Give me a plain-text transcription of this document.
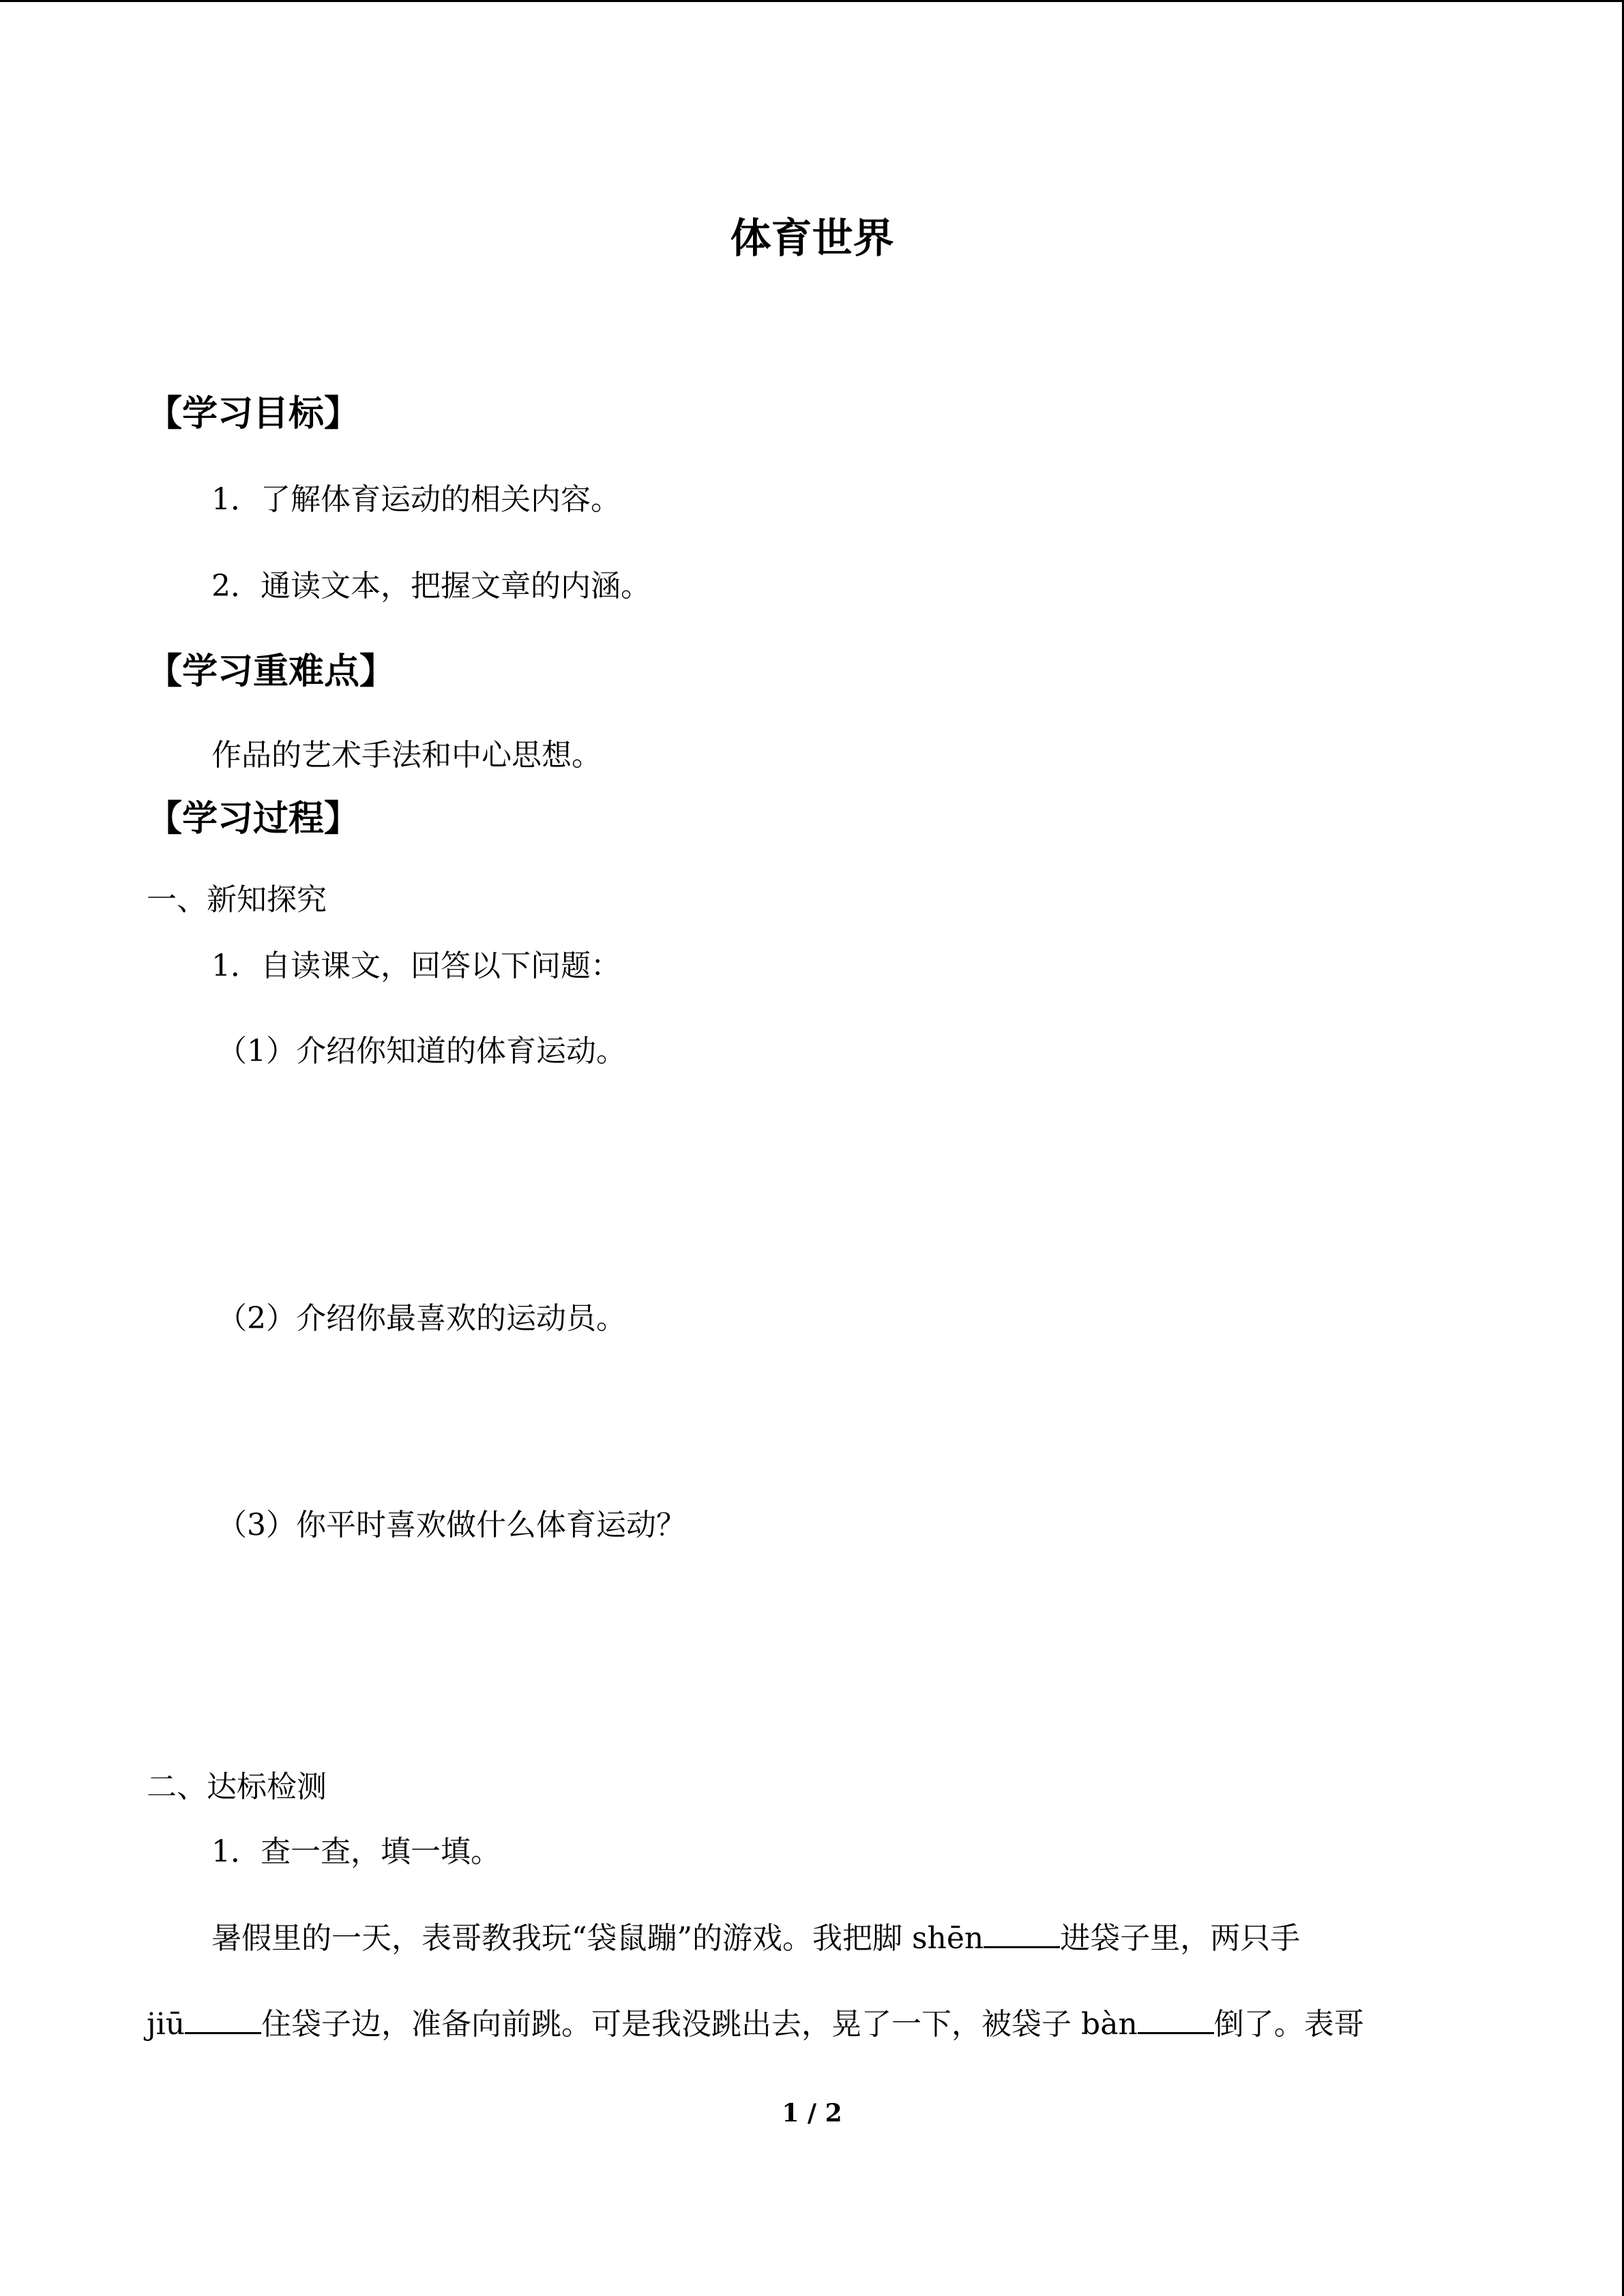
体育世界
【学习目标】
1．了解体育运动的相关内容。
2．通读文本，把握文章的内涵。
【学习重难点】
作品的艺术手法和中心思想。
【学习过程】
一、新知探究
1．自读课文，回答以下问题：
（1）介绍你知道的体育运动。
（2）介绍你最喜欢的运动员。
（3）你平时喜欢做什么体育运动？
二、达标检测
1．查一查，填一填。
暑假里的一天，表哥教我玩“袋鼠蹦”的游戏。我把脚 shēn	进袋子里，两只手
jiū	住袋子边，准备向前跳。可是我没跳出去，晃了一下，被袋子 bàn	倒了。表哥
1 / 2
